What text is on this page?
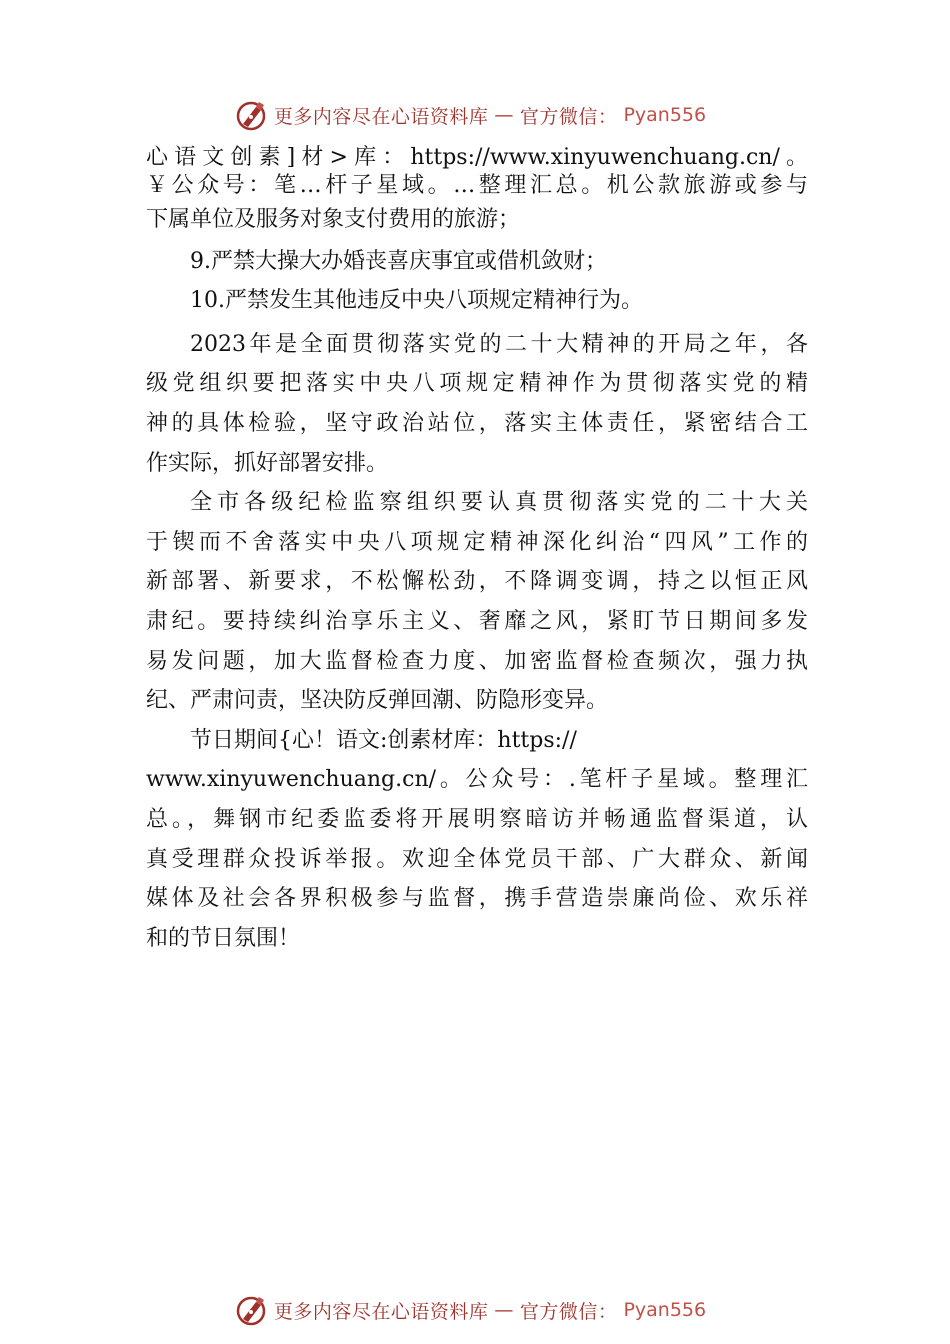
更多内容尽在心语资料库 — 官方微信： Pyan556
心语文创素]材>库：https://www.xinyuwenchuang.cn/。
￥公众号：笔…杆子星域。…整理汇总。机公款旅游或参与
下属单位及服务对象支付费用的旅游；
9.严禁大操大办婚丧喜庆事宜或借机敛财；
10.严禁发生其他违反中央八项规定精神行为。
2023年是全面贯彻落实党的二十大精神的开局之年，各
级党组织要把落实中央八项规定精神作为贯彻落实党的精
神的具体检验，坚守政治站位，落实主体责任，紧密结合工
作实际，抓好部署安排。
全市各级纪检监察组织要认真贯彻落实党的二十大关
于锲而不舍落实中央八项规定精神深化纠治“四风”工作的
新部署、新要求，不松懈松劲，不降调变调，持之以恒正风
肃纪。要持续纠治享乐主义、奢靡之风，紧盯节日期间多发
易发问题，加大监督检查力度、加密监督检查频次，强力执
纪、严肃问责，坚决防反弹回潮、防隐形变异。
节日期间{心！语文:创素材库：https://
www.xinyuwenchuang.cn/。公众号：.笔杆子星域。整理汇
总。，舞钢市纪委监委将开展明察暗访并畅通监督渠道，认
真受理群众投诉举报。欢迎全体党员干部、广大群众、新闻
媒体及社会各界积极参与监督，携手营造崇廉尚俭、欢乐祥
和的节日氛围！
更多内容尽在心语资料库 — 官方微信： Pyan556
